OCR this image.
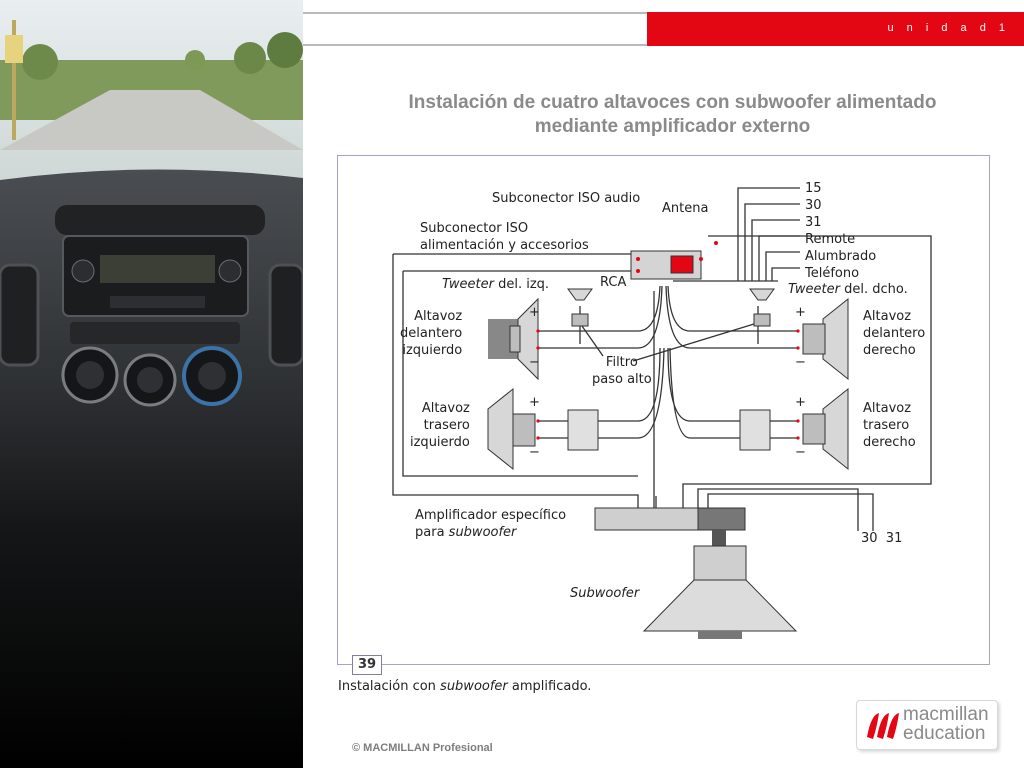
u n i d a d 1
Instalación de cuatro altavoces con subwoofer alimentado
mediante amplificador externo
Subconector ISO audio
Antena
Subconector ISO
alimentación y accesorios
RCA
Tweeter del. izq.	Tweeter del. dcho.
15
30
31
Remote
Alumbrado
Teléfono
Altavoz
delantero
izquierdo
Altavoz
delantero
derecho
Altavoz
trasero
izquierdo
Altavoz
trasero
derecho
Filtro
paso alto
+
−
+
−
+
−
+
−
Amplificador específico
para subwoofer	30  31
Subwoofer
39
Instalación con subwoofer amplificado.
© MACMILLAN Profesional
macmillan
education
